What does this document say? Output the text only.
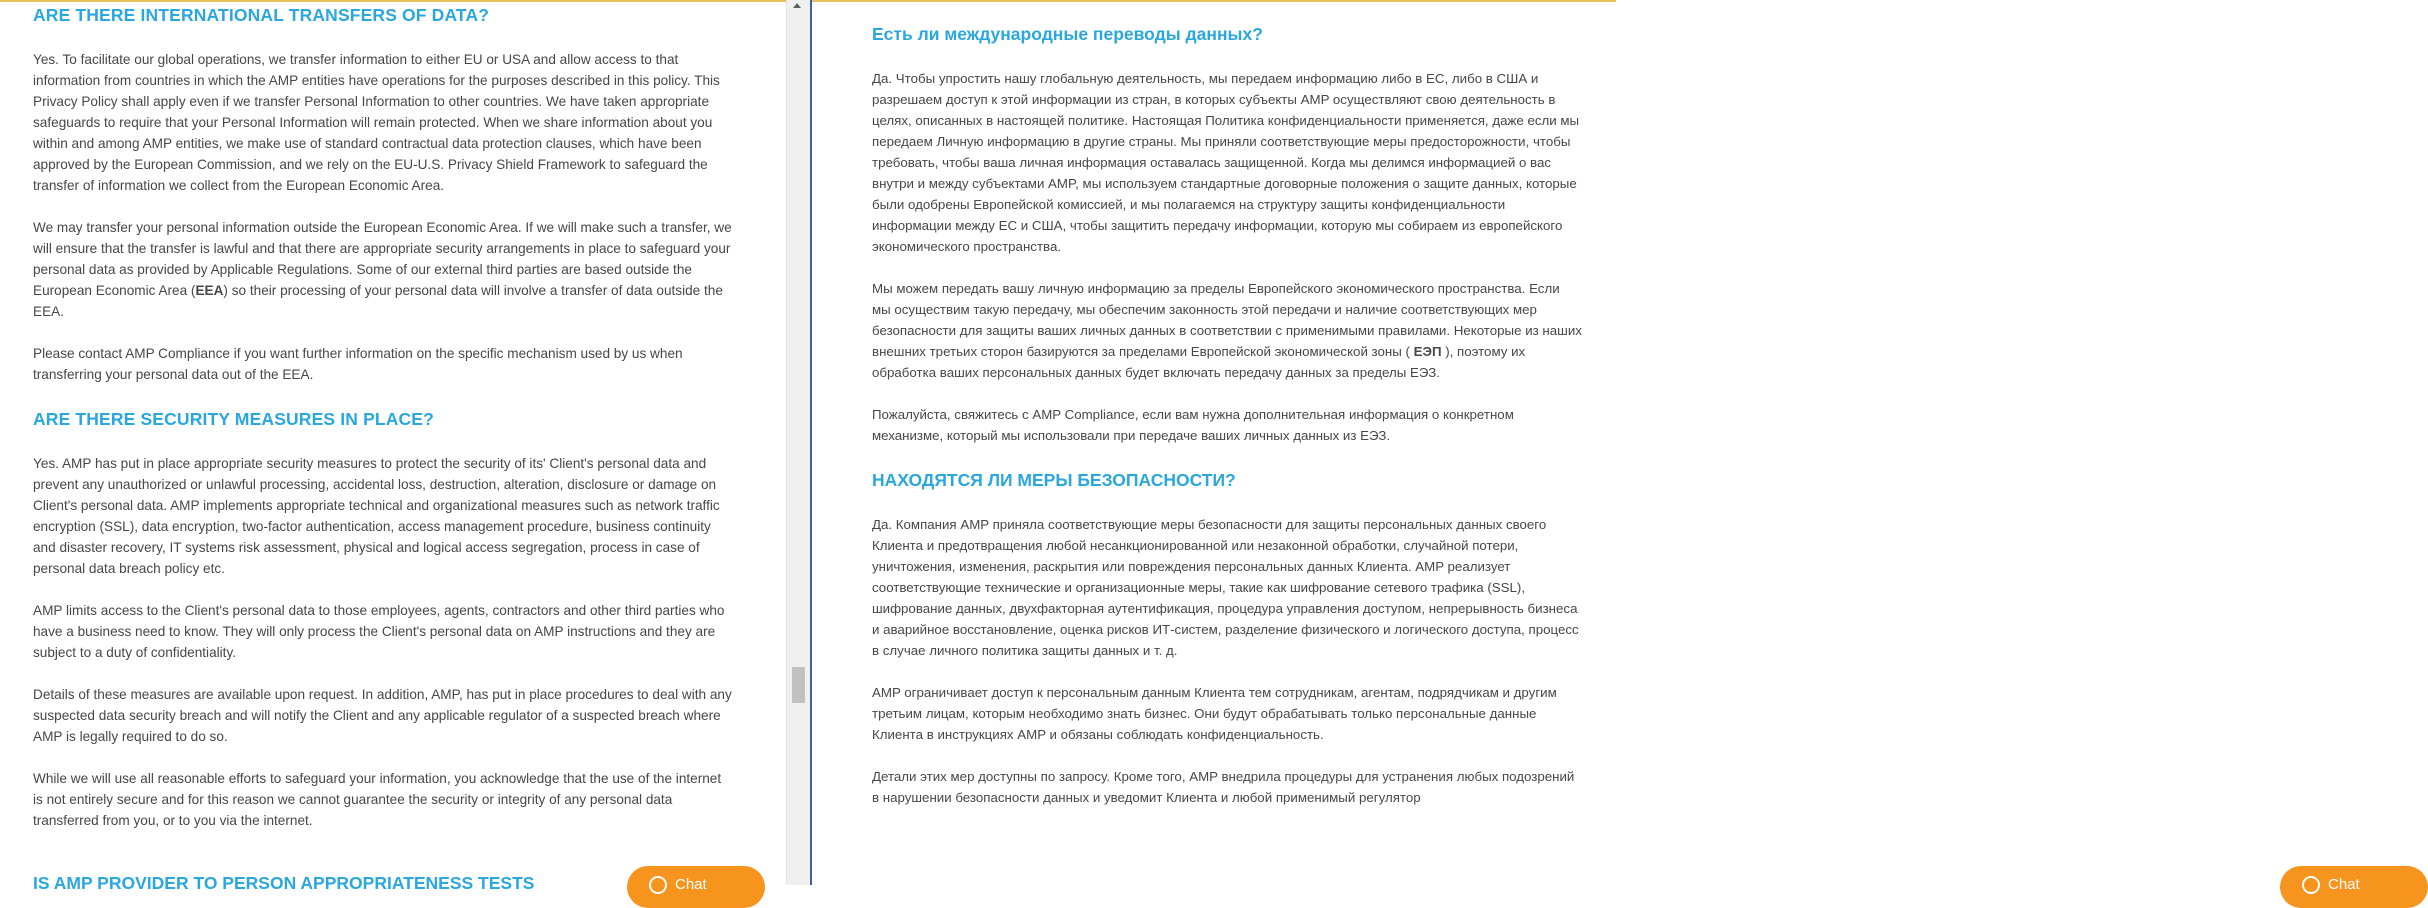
ARE THERE INTERNATIONAL TRANSFERS OF DATA?

Yes. To facilitate our global operations, we transfer information to either EU or USA and allow access to that information from countries in which the AMP entities have operations for the purposes described in this policy. This Privacy Policy shall apply even if we transfer Personal Information to other countries. We have taken appropriate safeguards to require that your Personal Information will remain protected. When we share information about you within and among AMP entities, we make use of standard contractual data protection clauses, which have been approved by the European Commission, and we rely on the EU-U.S. Privacy Shield Framework to safeguard the transfer of information we collect from the European Economic Area.

We may transfer your personal information outside the European Economic Area. If we will make such a transfer, we will ensure that the transfer is lawful and that there are appropriate security arrangements in place to safeguard your personal data as provided by Applicable Regulations. Some of our external third parties are based outside the European Economic Area (EEA) so their processing of your personal data will involve a transfer of data outside the EEA.

Please contact AMP Compliance if you want further information on the specific mechanism used by us when transferring your personal data out of the EEA.

ARE THERE SECURITY MEASURES IN PLACE?

Yes. AMP has put in place appropriate security measures to protect the security of its' Client's personal data and prevent any unauthorized or unlawful processing, accidental loss, destruction, alteration, disclosure or damage on Client's personal data. AMP implements appropriate technical and organizational measures such as network traffic encryption (SSL), data encryption, two-factor authentication, access management procedure, business continuity and disaster recovery, IT systems risk assessment, physical and logical access segregation, process in case of personal data breach policy etc.

AMP limits access to the Client's personal data to those employees, agents, contractors and other third parties who have a business need to know. They will only process the Client's personal data on AMP instructions and they are subject to a duty of confidentiality.

Details of these measures are available upon request. In addition, AMP, has put in place procedures to deal with any suspected data security breach and will notify the Client and any applicable regulator of a suspected breach where AMP is legally required to do so.

While we will use all reasonable efforts to safeguard your information, you acknowledge that the use of the internet is not entirely secure and for this reason we cannot guarantee the security or integrity of any personal data transferred from you, or to you via the internet.

IS AMP PROVIDER TO PERSON APPROPRIATENESS TESTS	Chat
Есть ли международные переводы данных?

Да. Чтобы упростить нашу глобальную деятельность, мы передаем информацию либо в ЕС, либо в США и разрешаем доступ к этой информации из стран, в которых субъекты AMP осуществляют свою деятельность в целях, описанных в настоящей политике. Настоящая Политика конфиденциальности применяется, даже если мы передаем Личную информацию в другие страны. Мы приняли соответствующие меры предосторожности, чтобы требовать, чтобы ваша личная информация оставалась защищенной. Когда мы делимся информацией о вас внутри и между субъектами AMP, мы используем стандартные договорные положения о защите данных, которые были одобрены Европейской комиссией, и мы полагаемся на структуру защиты конфиденциальности информации между ЕС и США, чтобы защитить передачу информации, которую мы собираем из европейского экономического пространства.

Мы можем передать вашу личную информацию за пределы Европейского экономического пространства. Если мы осуществим такую передачу, мы обеспечим законность этой передачи и наличие соответствующих мер безопасности для защиты ваших личных данных в соответствии с применимыми правилами. Некоторые из наших внешних третьих сторон базируются за пределами Европейской экономической зоны ( ЕЭП ), поэтому их обработка ваших персональных данных будет включать передачу данных за пределы ЕЭЗ.

Пожалуйста, свяжитесь с AMP Compliance, если вам нужна дополнительная информация о конкретном механизме, который мы использовали при передаче ваших личных данных из ЕЭЗ.

НАХОДЯТСЯ ЛИ МЕРЫ БЕЗОПАСНОСТИ?

Да. Компания AMP приняла соответствующие меры безопасности для защиты персональных данных своего Клиента и предотвращения любой несанкционированной или незаконной обработки, случайной потери, уничтожения, изменения, раскрытия или повреждения персональных данных Клиента. AMP реализует соответствующие технические и организационные меры, такие как шифрование сетевого трафика (SSL), шифрование данных, двухфакторная аутентификация, процедура управления доступом, непрерывность бизнеса и аварийное восстановление, оценка рисков ИТ-систем, разделение физического и логического доступа, процесс в случае личного политика защиты данных и т. д.

AMP ограничивает доступ к персональным данным Клиента тем сотрудникам, агентам, подрядчикам и другим третьим лицам, которым необходимо знать бизнес. Они будут обрабатывать только персональные данные Клиента в инструкциях AMP и обязаны соблюдать конфиденциальность.

Детали этих мер доступны по запросу. Кроме того, AMP внедрила процедуры для устранения любых подозрений в нарушении безопасности данных и уведомит Клиента и любой применимый регулятор

Chat
